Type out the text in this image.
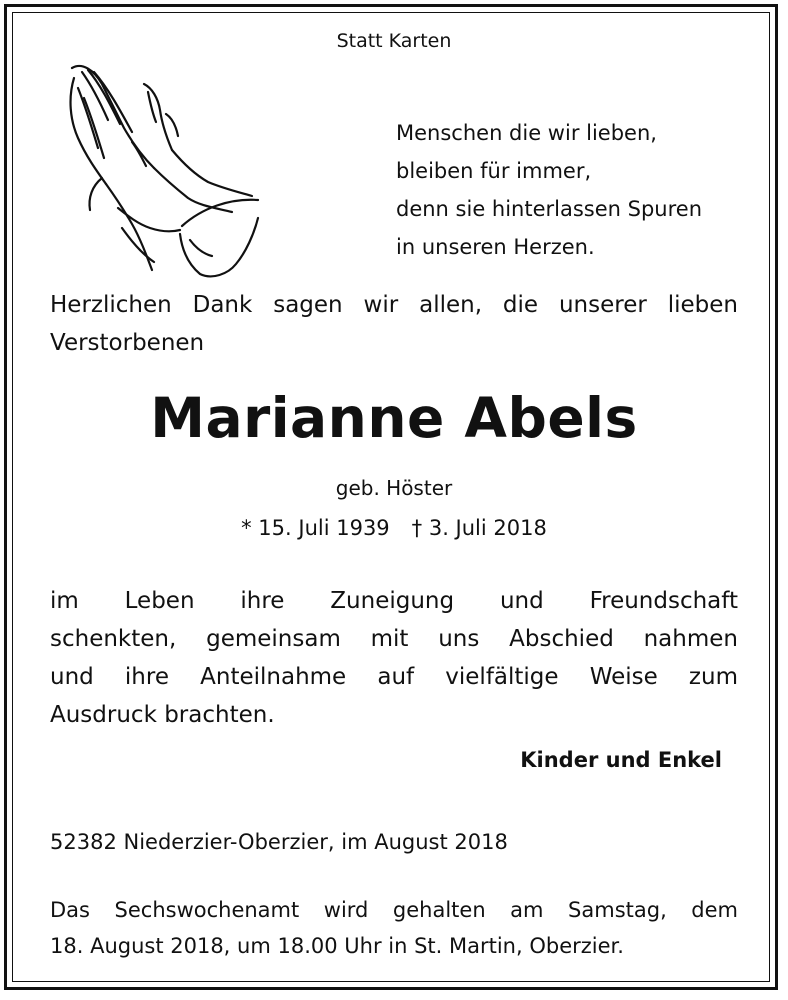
Statt Karten

Menschen die wir lieben,
bleiben für immer,
denn sie hinterlassen Spuren
in unseren Herzen.
Herzlichen Dank sagen wir allen, die unserer lieben
Verstorbenen
Marianne Abels

geb. Höster

* 15. Juli 1939 † 3. Juli 2018

im Leben ihre Zuneigung und Freundschaft
schenkten, gemeinsam mit uns Abschied nahmen
und ihre Anteilnahme auf vielfältige Weise zum
Ausdruck brachten.

Kinder und Enkel

52382 Niederzier-Oberzier, im August 2018

Das Sechswochenamt wird gehalten am Samstag, dem
18. August 2018, um 18.00 Uhr in St. Martin, Oberzier.
